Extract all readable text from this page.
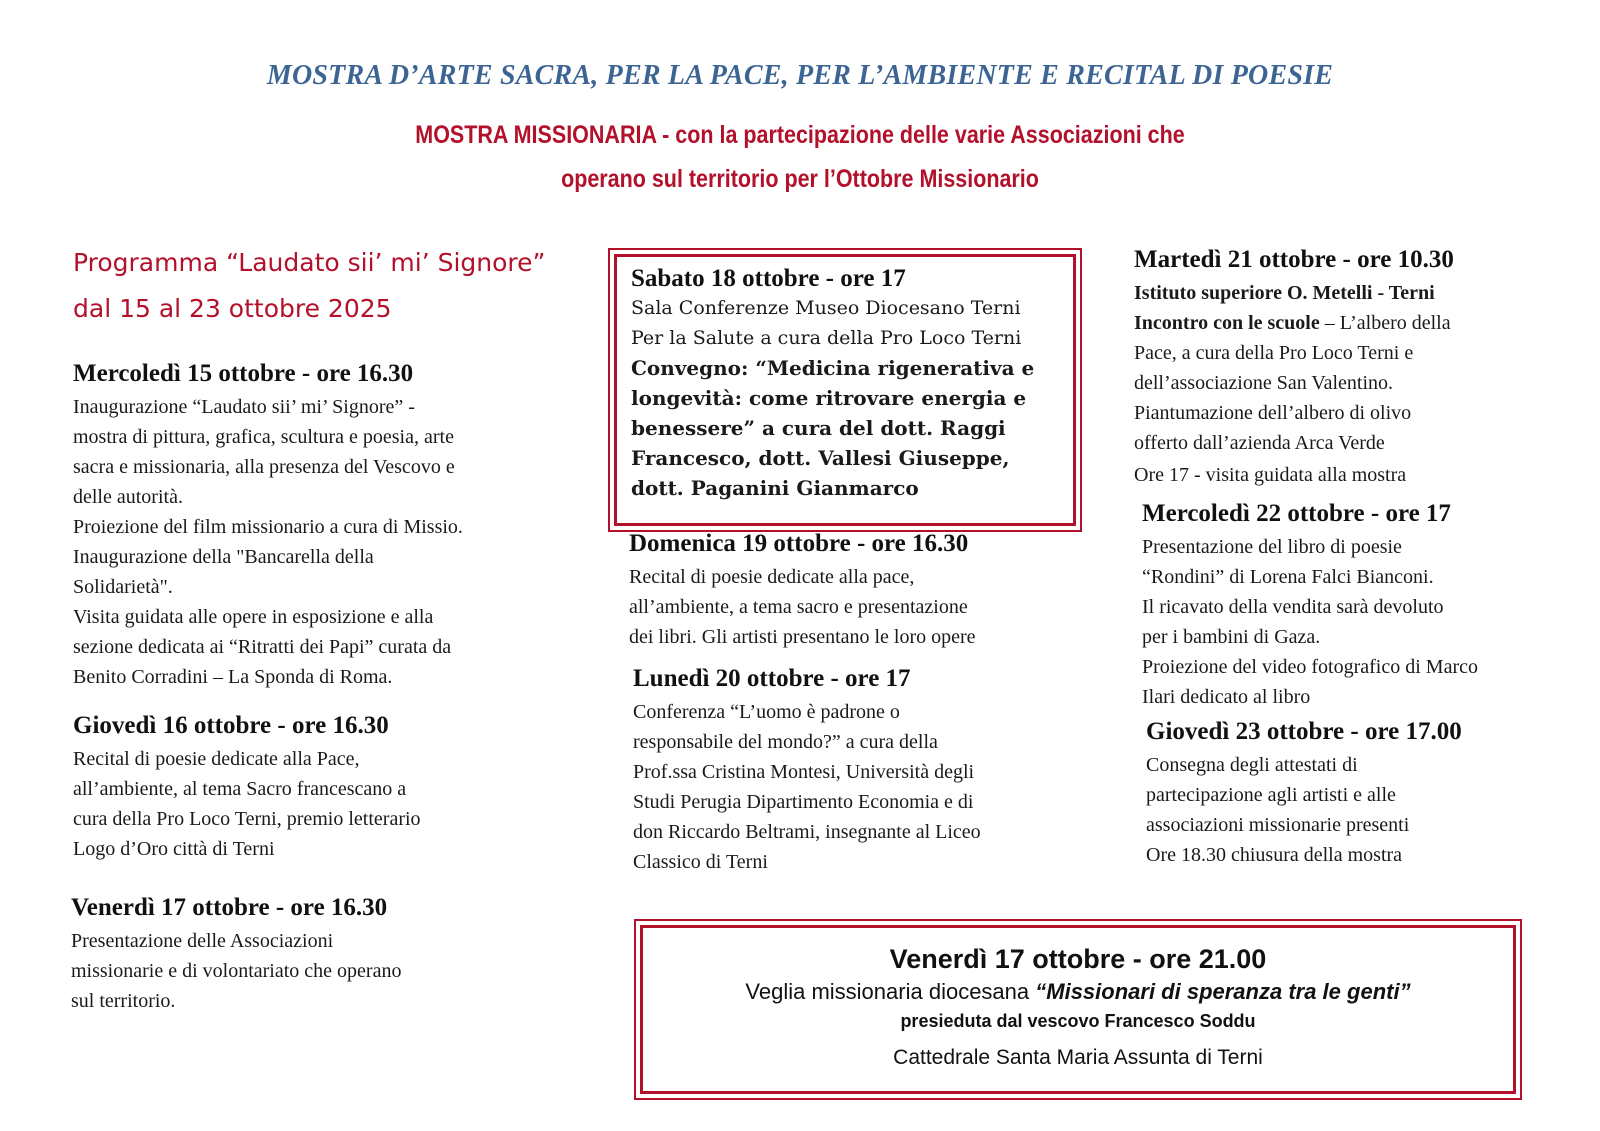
MOSTRA D’ARTE SACRA, PER LA PACE, PER L’AMBIENTE E RECITAL DI POESIE
MOSTRA MISSIONARIA - con la partecipazione delle varie Associazioni che
operano sul territorio per l’Ottobre Missionario
Programma “Laudato sii’ mi’ Signore”
dal 15 al 23 ottobre 2025
Mercoledì 15 ottobre - ore 16.30

Inaugurazione “Laudato sii’ mi’ Signore” -

mostra di pittura, grafica, scultura e poesia, arte

sacra e missionaria, alla presenza del Vescovo e

delle autorità.

Proiezione del film missionario a cura di Missio.

Inaugurazione della "Bancarella della

Solidarietà".

Visita guidata alle opere in esposizione e alla

sezione dedicata ai “Ritratti dei Papi” curata da

Benito Corradini – La Sponda di Roma.

Giovedì 16 ottobre - ore 16.30

Recital di poesie dedicate alla Pace,

all’ambiente, al tema Sacro francescano a

cura della Pro Loco Terni, premio letterario

Logo d’Oro città di Terni

Venerdì 17 ottobre - ore 16.30

Presentazione delle Associazioni

missionarie e di volontariato che operano

sul territorio.

Sabato 18 ottobre - ore 17
Sala Conferenze Museo Diocesano Terni
Per la Salute a cura della Pro Loco Terni
Convegno: “Medicina rigenerativa e
longevità: come ritrovare energia e
benessere” a cura del dott. Raggi
Francesco, dott. Vallesi Giuseppe,
dott. Paganini Gianmarco
Domenica 19 ottobre - ore 16.30

Recital di poesie dedicate alla pace,

all’ambiente, a tema sacro e presentazione

dei libri. Gli artisti presentano le loro opere

Lunedì 20 ottobre - ore 17

Conferenza “L’uomo è padrone o

responsabile del mondo?” a cura della

Prof.ssa Cristina Montesi, Università degli

Studi Perugia Dipartimento Economia e di

don Riccardo Beltrami, insegnante al Liceo

Classico di Terni

Martedì 21 ottobre - ore 10.30

Istituto superiore O. Metelli - Terni

Incontro con le scuole – L’albero della

Pace, a cura della Pro Loco Terni e

dell’associazione San Valentino.

Piantumazione dell’albero di olivo

offerto dall’azienda Arca Verde

Ore 17 - visita guidata alla mostra

Mercoledì 22 ottobre - ore 17

Presentazione del libro di poesie

“Rondini” di Lorena Falci Bianconi.

Il ricavato della vendita sarà devoluto

per i bambini di Gaza.

Proiezione del video fotografico di Marco

Ilari dedicato al libro

Giovedì 23 ottobre - ore 17.00

Consegna degli attestati di

partecipazione agli artisti e alle

associazioni missionarie presenti

Ore 18.30 chiusura della mostra

Venerdì 17 ottobre - ore 21.00
Veglia missionaria diocesana “Missionari di speranza tra le genti”
presieduta dal vescovo Francesco Soddu
Cattedrale Santa Maria Assunta di Terni
